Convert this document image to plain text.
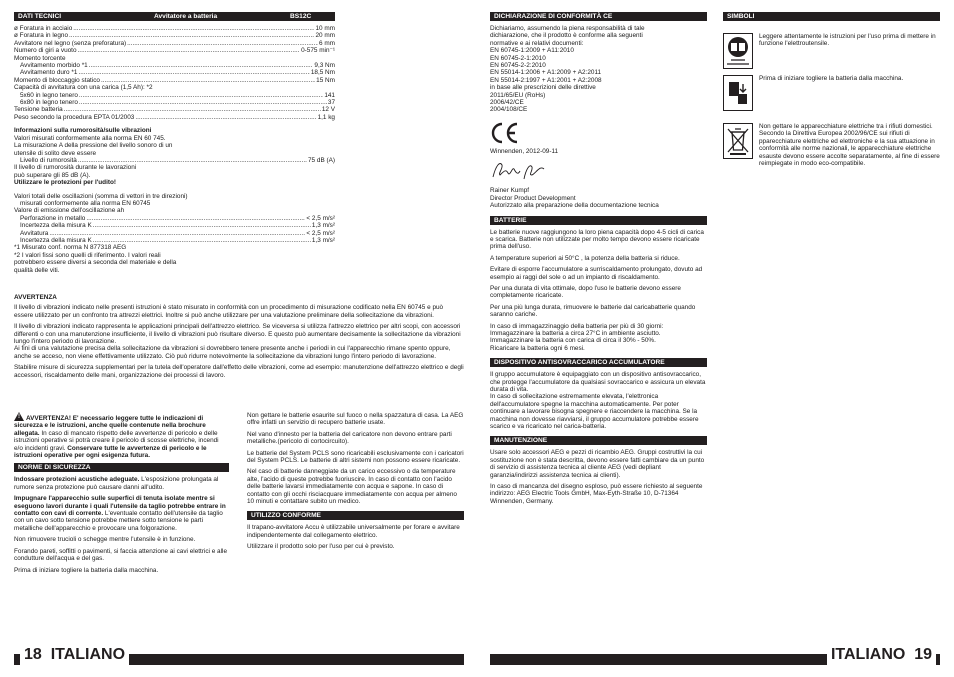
DATI TECNICI	Avvitatore a batteria	BS12C
ø Foratura in acciaio .....	10 mm
ø Foratura in legno .....	20 mm
Avvitatore nel legno (senza preforatura) .....	6 mm
Numero di giri a vuoto .....	0-575 min⁻¹
Momento torcente
Avvitamento morbido *1 .....	9,3 Nm
Avvitamento duro *1 .....	18,5 Nm
Momento di bloccaggio statico .....	15 Nm
Capacità di avvitatura con una carica (1,5 Ah): *2
5x60 in legno tenero .....	141
6x80 in legno tenero .....	37
Tensione batteria .....	12 V
Peso secondo la procedura EPTA 01/2003 .....	1,1 kg
Informazioni sulla rumorosità/sulle vibrazioni
Valori misurati conformemente alla norma EN 60 745.
La misurazione A della pressione del livello sonoro di un
utensile di solito deve essere
Livello di rumorosità .....	75 dB (A)
Il livello di rumorosità durante le lavorazioni
può superare gli 85 dB (A).
Utilizzare le protezioni per l'udito!
Valori totali delle oscillazioni (somma di vettori in tre direzioni)
misurati conformemente alla norma EN 60745
Valore di emissione dell'oscillazione ah
Perforazione in metallo .....	< 2,5 m/s²
Incertezza della misura K .....	1,3 m/s²
Avvitatura .....	< 2,5 m/s²
Incertezza della misura K .....	1,3 m/s²
*1 Misurato conf. norma N 877318 AEG
*2 I valori fissi sono quelli di riferimento. I valori reali
potrebbero essere diversi a seconda del materiale e della
qualità delle viti.
AVVERTENZA
Il livello di vibrazioni indicato nelle presenti istruzioni è stato misurato in conformità con un procedimento di misurazione codificato nella EN 60745 e può essere utilizzato per un confronto tra attrezzi elettrici. Inoltre si può anche utilizzare per una valutazione preliminare della sollecitazione da vibrazioni.
Il livello di vibrazioni indicato rappresenta le applicazioni principali dell'attrezzo elettrico. Se viceversa si utilizza l'attrezzo elettrico per altri scopi, con accessori differenti o con una manutenzione insufficiente, il livello di vibrazioni può risultare diverso. E questo può aumentare decisamente la sollecitazione da vibrazioni lungo l'intero periodo di lavorazione.
Ai fini di una valutazione precisa della sollecitazione da vibrazioni si dovrebbero tenere presente anche i periodi in cui l'apparecchio rimane spento oppure, anche se acceso, non viene effettivamente utilizzato. Ciò può ridurre notevolmente la sollecitazione da vibrazioni lungo l'intero periodo di lavorazione.
Stabilire misure di sicurezza supplementari per la tutela dell'operatore dall'effetto delle vibrazioni, come ad esempio: manutenzione dell'attrezzo elettrico e degli accessori, riscaldamento delle mani, organizzazione dei processi di lavoro.
! AVVERTENZA! E' necessario leggere tutte le indicazioni di sicurezza e le istruzioni, anche quelle contenute nella brochure allegata. In caso di mancato rispetto delle avvertenze di pericolo e delle istruzioni operative si potrà creare il pericolo di scosse elettriche, incendi e/o incidenti gravi. Conservare tutte le avvertenze di pericolo e le istruzioni operative per ogni esigenza futura.
NORME DI SICUREZZA
Indossare protezioni acustiche adeguate. L'esposizione prolungata al rumore senza protezione può causare danni all'udito.
Impugnare l'apparecchio sulle superfici di tenuta isolate mentre si eseguono lavori durante i quali l'utensile da taglio potrebbe entrare in contatto con cavi di corrente. L'eventuale contatto dell'utensile da taglio con un cavo sotto tensione potrebbe mettere sotto tensione le parti metalliche dell'apparecchio e provocare una folgorazione.
Non rimuovere trucioli o schegge mentre l'utensile è in funzione.
Forando pareti, soffitti o pavimenti, si faccia attenzione ai cavi elettrici e alle condutture dell'acqua e del gas.
Prima di iniziare togliere la batteria dalla macchina.
Non gettare le batterie esaurite sul fuoco o nella spazzatura di casa. La AEG offre infatti un servizio di recupero batterie usate.
Nel vano d'innesto per la batteria del caricatore non devono entrare parti metalliche.(pericolo di cortocircuito).
Le batterie del System PCLS sono ricaricabili esclusivamente con i caricatori del System PCLS. Le batterie di altri sistemi non possono essere ricaricate.
Nel caso di batterie danneggiate da un carico eccessivo o da temperature alte, l'acido di queste potrebbe fuoriuscire. In caso di contatto con l'acido delle batterie lavarsi immediatamente con acqua e sapone. In caso di contatto con gli occhi risciacquare immediatamente con acqua per almeno 10 minuti e contattare subito un medico.
UTILIZZO CONFORME
Il trapano-avvitatore Accu è utilizzabile universalmente per forare e avvitare indipendentemente dal collegamento elettrico.
Utilizzare il prodotto solo per l'uso per cui è previsto.
18 ITALIANO
DICHIARAZIONE DI CONFORMITÀ CE
Dichiariamo, assumendo la piena responsabilità di tale
dichiarazione, che il prodotto è conforme alla seguenti
normative e ai relativi documenti:
EN 60745-1:2009 + A11:2010
EN 60745-2-1:2010
EN 60745-2-2:2010
EN 55014-1:2006 + A1:2009 + A2:2011
EN 55014-2:1997 + A1:2001 + A2:2008
in base alle prescrizioni delle direttive
2011/65/EU (RoHs)
2006/42/CE
2004/108/CE
Winnenden, 2012-09-11
Rainer Kumpf
Director Product Development
Autorizzato alla preparazione della documentazione tecnica
BATTERIE
Le batterie nuove raggiungono la loro piena capacità dopo 4-5 cicli di carica e scarica. Batterie non utilizzate per molto tempo devono essere ricaricate prima dell'uso.
A temperature superiori ai 50°C , la potenza della batteria si riduce.
Evitare di esporre l'accumulatore a surriscaldamento prolungato, dovuto ad esempio ai raggi del sole o ad un impianto di riscaldamento.
Per una durata di vita ottimale, dopo l'uso le batterie devono essere completamente ricaricate.
Per una più lunga durata, rimuovere le batterie dal caricabatterie quando saranno cariche.
In caso di immagazzinaggio della batteria per più di 30 giorni:
Immagazzinare la batteria a circa 27°C in ambiente asciutto.
Immagazzinare la batteria con carica di circa il 30% - 50%.
Ricaricare la batteria ogni 6 mesi.
DISPOSITIVO ANTISOVRACCARICO ACCUMULATORE
Il gruppo accumulatore è equipaggiato con un dispositivo antisovraccarico, che protegge l'accumulatore da qualsiasi sovraccarico e assicura un elevata durata di vita.
In caso di sollecitazione estremamente elevata, l'elettronica dell'accumulatore spegne la macchina automaticamente. Per poter continuare a lavorare bisogna spegnere e riaccendere la macchina. Se la macchina non dovesse riavviarsi, il gruppo accumulatore potrebbe essere scarico e va ricaricato nel carica-batteria.
MANUTENZIONE
Usare solo accessori AEG e pezzi di ricambio AEG. Gruppi costruttivi la cui sostituzione non è stata descritta, devono essere fatti cambiare da un punto di servizio di assistenza tecnica al cliente AEG (vedi depliant garanzia/indirizzi assistenza tecnica ai clienti).
In caso di mancanza del disegno esploso, può essere richiesto al seguente indirizzo: AEG Electric Tools GmbH, Max-Eyth-Straße 10, D-71364 Winnenden, Germany.
SIMBOLI
Leggere attentamente le istruzioni per l'uso prima di mettere in funzione l'elettroutensile.
Prima di iniziare togliere la batteria dalla macchina.
Non gettare le apparecchiature elettriche tra i rifiuti domestici. Secondo la Direttiva Europea 2002/96/CE sui rifiuti di pparecchiature elettriche ed elettroniche e la sua attuazione in conformità alle norme nazionali, le apparecchiature elettriche esauste devono essere accolte separatamente, al fine di essere reimpiegate in modo eco-compatibile.
ITALIANO 19
